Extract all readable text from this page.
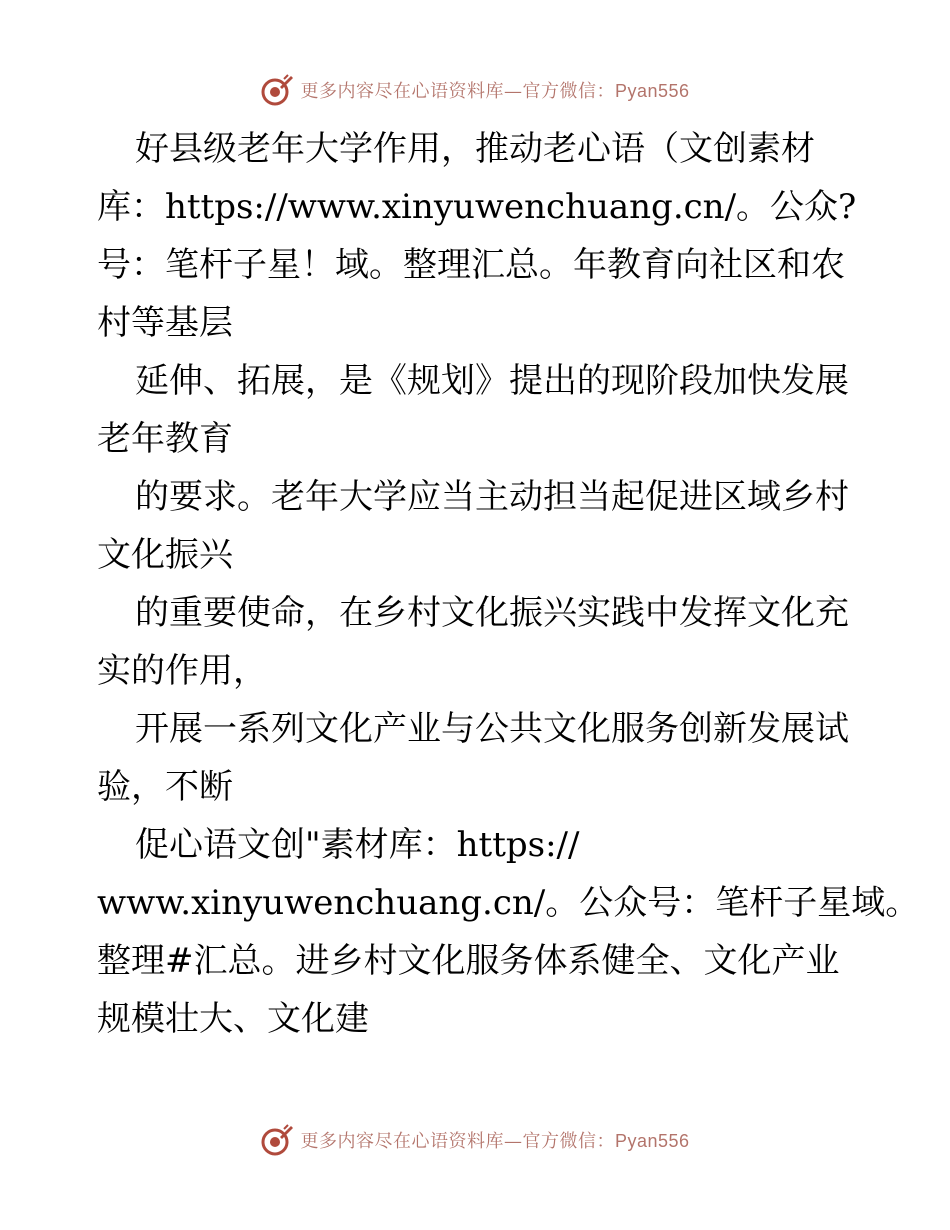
更多内容尽在心语资料库—官方微信：Pyan556
好县级老年大学作用，推动老心语（文创素材
库：https://www.xinyuwenchuang.cn/。公众?
号：笔杆子星！域。整理汇总。年教育向社区和农
村等基层
延伸、拓展，是《规划》提出的现阶段加快发展
老年教育
的要求。老年大学应当主动担当起促进区域乡村
文化振兴
的重要使命，在乡村文化振兴实践中发挥文化充
实的作用，
开展一系列文化产业与公共文化服务创新发展试
验，不断
促心语文创"素材库：https://
www.xinyuwenchuang.cn/。公众号：笔杆子星域。
整理#汇总。进乡村文化服务体系健全、文化产业
规模壮大、文化建
更多内容尽在心语资料库—官方微信：Pyan556
